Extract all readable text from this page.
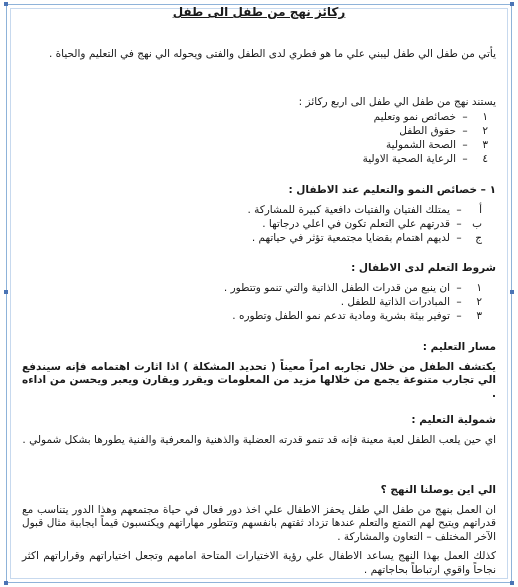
ركائز نهج من طفل الى طفل
يأتي من طفل الي طفل ليبني علي ما هو فطري لدى الطفل والفتى ويحوله الي نهج في التعليم والحياة .
يستند نهج من طفل الي طفل الى اربع ركائز :
١
–
خصائص نمو وتعليم
٢
–
حقوق الطفل
٣
–
الصحة الشمولية
٤
–
الرعاية الصحية الاولية
١ – خصائص النمو والتعليم عند الاطفال :
أ
–
يمتلك الفتيان والفتيات دافعية كبيرة للمشاركة .
ب
–
قدرتهم علي التعلم تكون في اعلي درجاتها .
ج
–
لديهم اهتمام بقضايا مجتمعية تؤثر في حياتهم .
شروط التعلم لدى الاطفال :
١
–
ان ينبع من قدرات الطفل الذاتية والتي تنمو وتتطور .
٢
–
المبادرات الذاتية للطفل .
٣
–
توفير بيئة بشرية ومادية تدعم نمو الطفل وتطوره .
مسار التعليم :
يكتشف الطفل من خلال تجاربه امراً معيناً ( تحديد المشكلة ) اذا اثارت اهتمامه فإنه سيندفع الي تجارب متنوعة يجمع من خلالها مزيد من المعلومات ويقرر ويقارن ويعبر ويحسن من اداءه .
شمولية التعليم :
اي حين يلعب الطفل لعبة معينة فإنه قد تنمو قدرته العضلية والذهنية والمعرفية والفنية يطورها بشكل شمولي .
الي اين يوصلنا النهج ؟
ان العمل بنهج من طفل الي طفل يحفز الاطفال علي اخذ دور فعال في حياة مجتمعهم وهذا الدور يتناسب مع قدراتهم ويتيح لهم التمتع والتعلم عندها تزداد ثقتهم بانفسهم وتتطور مهاراتهم ويكتسبون قيماً ايجابية مثال قبول الآخر المختلف – التعاون والمشاركة .
كذلك العمل بهذا النهج يساعد الاطفال علي رؤية الاختيارات المتاحة امامهم وتجعل اختياراتهم وقراراتهم اكثر نجاحاً واقوي ارتباطاً بحاجاتهم .
